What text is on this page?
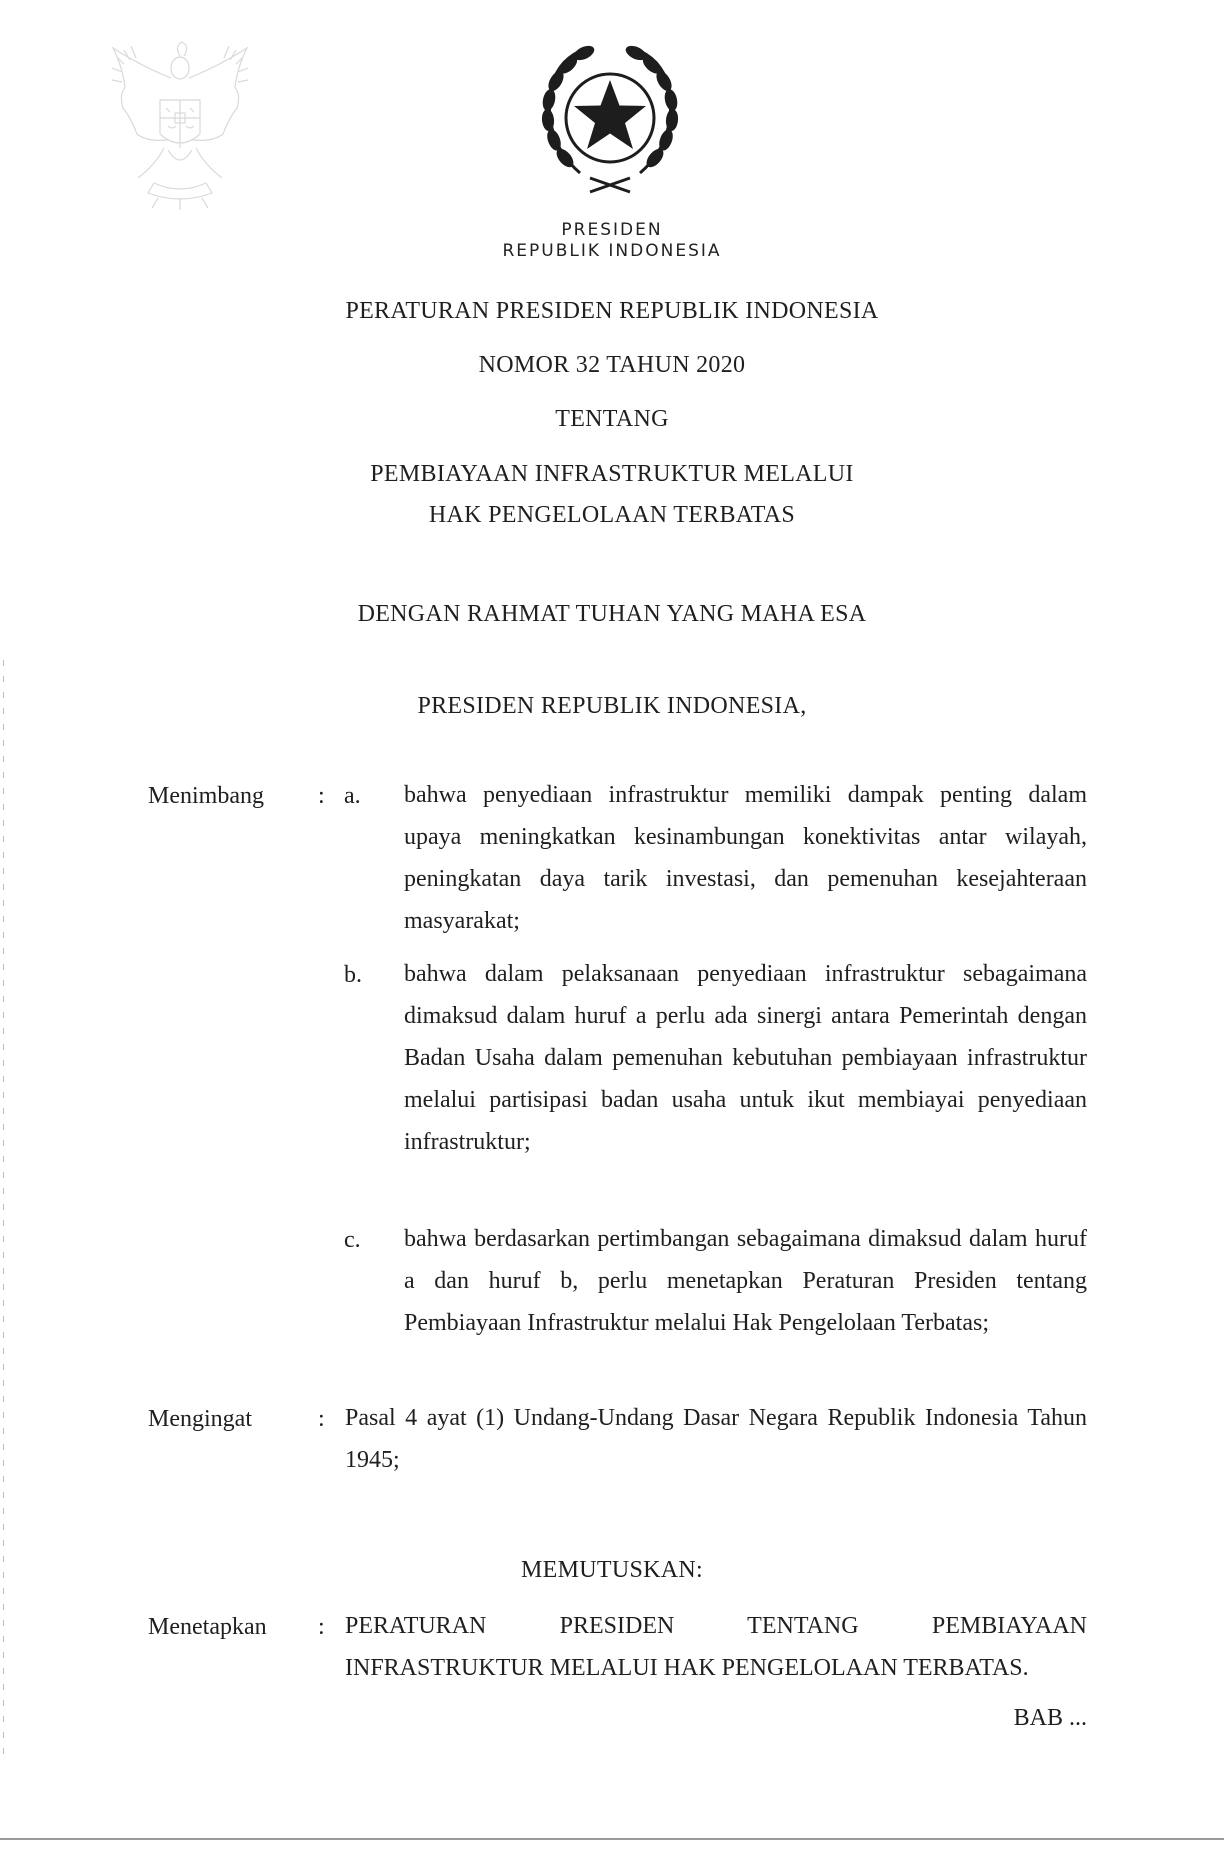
PRESIDEN
REPUBLIK INDONESIA
PERATURAN PRESIDEN REPUBLIK INDONESIA
NOMOR 32 TAHUN 2020
TENTANG
PEMBIAYAAN INFRASTRUKTUR MELALUI
HAK PENGELOLAAN TERBATAS
DENGAN RAHMAT TUHAN YANG MAHA ESA
PRESIDEN REPUBLIK INDONESIA,
Menimbang : a. bahwa penyediaan infrastruktur memiliki dampak penting dalam upaya meningkatkan kesinambungan konektivitas antar wilayah, peningkatan daya tarik investasi, dan pemenuhan kesejahteraan masyarakat;
b. bahwa dalam pelaksanaan penyediaan infrastruktur sebagaimana dimaksud dalam huruf a perlu ada sinergi antara Pemerintah dengan Badan Usaha dalam pemenuhan kebutuhan pembiayaan infrastruktur melalui partisipasi badan usaha untuk ikut membiayai penyediaan infrastruktur;
c. bahwa berdasarkan pertimbangan sebagaimana dimaksud dalam huruf a dan huruf b, perlu menetapkan Peraturan Presiden tentang Pembiayaan Infrastruktur melalui Hak Pengelolaan Terbatas;
Mengingat	: Pasal 4 ayat (1) Undang-Undang Dasar Negara Republik Indonesia Tahun 1945;
MEMUTUSKAN:
Menetapkan : PERATURAN PRESIDEN TENTANG PEMBIAYAAN INFRASTRUKTUR MELALUI HAK PENGELOLAAN TERBATAS.
BAB ...
